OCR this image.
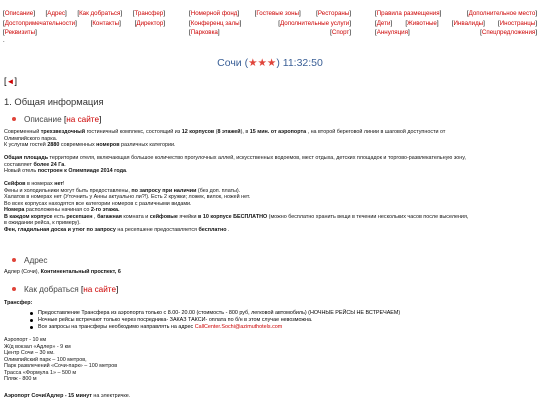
[Описание] [Адрес] [Как добраться] [Трансфер]
[Достопримечательности] [Контакты] [Директор]
[Реквизиты]
[Номерной фонд] [Гостевые зоны] [Рестораны]
[Конференц залы]	[Дополнительные услуги]
[Парковка]	[Спорт]
[Правила размещения]	[Дополнительное место]
[Дети] [Животные] [Инвалиды] [Иностранцы]
[Аннуляция]	[Спецпредложения]
.
Сочи (★★★) 11:32:50
[◄]
1. Общая информация
Описание [на сайте]

Современный трехзвездочный гостиничный комплекс, состоящий из 12 корпусов (8 этажей), в 15 мин. от аэропорта , на второй береговой линии в шаговой доступности от

Олимпийского парка.

К услугам гостей 2880 современных номеров различных категории.

Общая площадь территории отеля, включающая большое количество прогулочных аллей, искусственных водоемов, мест отдыха, детских площадок и торгово-развлекательную зону,

составляет более 24 Га.

Новый отель построен к Олимпиаде 2014 года.

Сейфов в номерах нет!

Фены и холодильники могут быть предоставлены, по запросу при наличии (без доп. платы).

Халатов в номерах нет (Уточнить у Анны актуально ли?!). Есть 2 кружки; ложек, вилок, ножей нет.

Во всех корпусах находятся все категории номеров с различными видами.

Номера расположены начиная со 2-го этажа.

В каждом корпусе есть ресепшен , багажная комната и сейфовые ячейки в 10 корпусе БЕСПЛАТНО (можно бесплатно хранить вещи в течении нескольких часов после выселения,

в ожидании рейса, к примеру).

Фен, гладильная доска и утюг по запросу на ресепшене предоставляется бесплатно .

Адрес

Адлер (Сочи), Континентальный проспект, 6

Как добраться [на сайте]

Трансфер:

Предоставление Трансфера из аэропорта только с 8.00- 20.00 (стоимость - 800 руб, легковой автомобиль) (НОЧНЫЕ РЕЙСЫ НЕ ВСТРЕЧАЕМ)
Ночные рейсы встречают только через посредника- ЗАКАЗ ТАКСИ- оплата по б/н в этом случае невозможна.
Все запросы на трансферы необходимо направлять на адрес CallCenter.Sochi@azimuthotels.com

Аэропорт - 10 км

Ж/д вокзал «Адлер» - 9 км

Центр Сочи – 30 км.

Олимпийский парк – 100 метров,

Парк развлечений «Сочи-парк» – 100 метров

Трасса «Формула 1» – 500 м

Пляж - 800 м

Аэропорт Сочи/Адлер - 15 минут на электричке.
